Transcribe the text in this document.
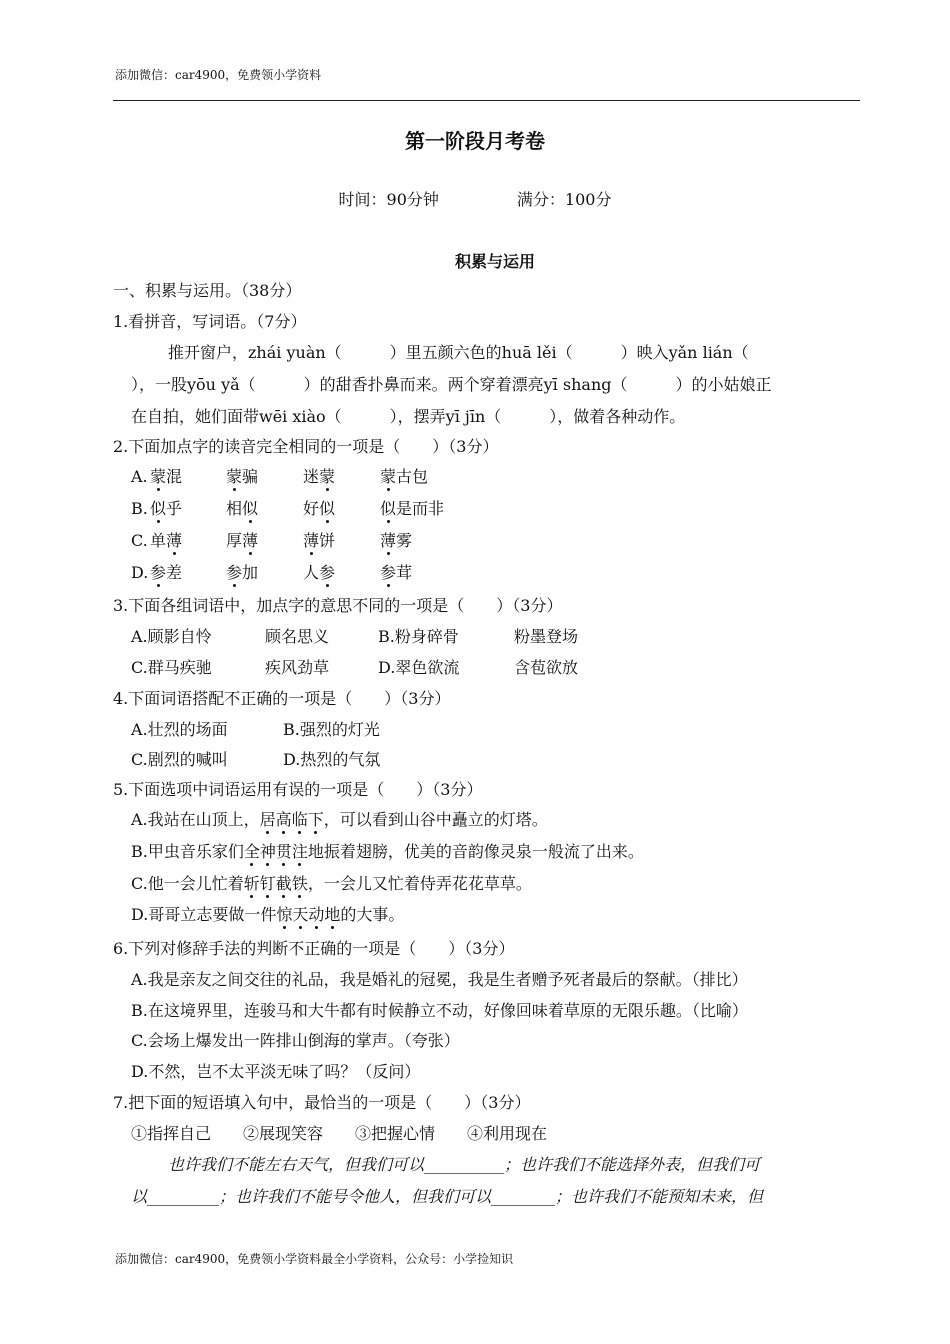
添加微信：car4900，免费领小学资料
第一阶段月考卷
时间：90分钟	满分：100分
积累与运用
一、积累与运用。（38分）
1.看拼音，写词语。（7分）
推开窗户，zhái yuàn（　　　）里五颜六色的huā lěi（　　　）映入yǎn lián（
），一股yōu yǎ（　　　）的甜香扑鼻而来。两个穿着漂亮yī shang（　　　）的小姑娘正
在自拍，她们面带wēi xiào（　　　），摆弄yī jīn（　　　），做着各种动作。
2.下面加点字的读音完全相同的一项是（　　）（3分）
A. 蒙混	蒙骗	迷蒙	蒙古包
B. 似乎	相似	好似	似是而非
C. 单薄	厚薄	薄饼	薄雾
D. 参差	参加	人参	参茸
3.下面各组词语中，加点字的意思不同的一项是（　　）（3分）
A.顾影自怜	顾名思义	B.粉身碎骨	粉墨登场
C.群马疾驰	疾风劲草	D.翠色欲流	含苞欲放
4.下面词语搭配不正确的一项是（　　）（3分）
A.壮烈的场面	B.强烈的灯光
C.剧烈的喊叫	D.热烈的气氛
5.下面选项中词语运用有误的一项是（　　）（3分）
A.我站在山顶上，居高临下，可以看到山谷中矗立的灯塔。
B.甲虫音乐家们全神贯注地振着翅膀，优美的音韵像灵泉一般流了出来。
C.他一会儿忙着斩钉截铁，一会儿又忙着侍弄花花草草。
D.哥哥立志要做一件惊天动地的大事。
6.下列对修辞手法的判断不正确的一项是（　　）（3分）
A.我是亲友之间交往的礼品，我是婚礼的冠冕，我是生者赠予死者最后的祭献。（排比）
B.在这境界里，连骏马和大牛都有时候静立不动，好像回味着草原的无限乐趣。（比喻）
C.会场上爆发出一阵排山倒海的掌声。（夸张）
D.不然，岂不太平淡无味了吗？（反问）
7.把下面的短语填入句中，最恰当的一项是（　　）（3分）
①指挥自己　　②展现笑容　　③把握心情　　④利用现在
也许我们不能左右天气，但我们可以__________；也许我们不能选择外表，但我们可
以_________；也许我们不能号令他人，但我们可以________；也许我们不能预知未来，但
添加微信：car4900，免费领小学资料最全小学资料，公众号：小学捡知识
